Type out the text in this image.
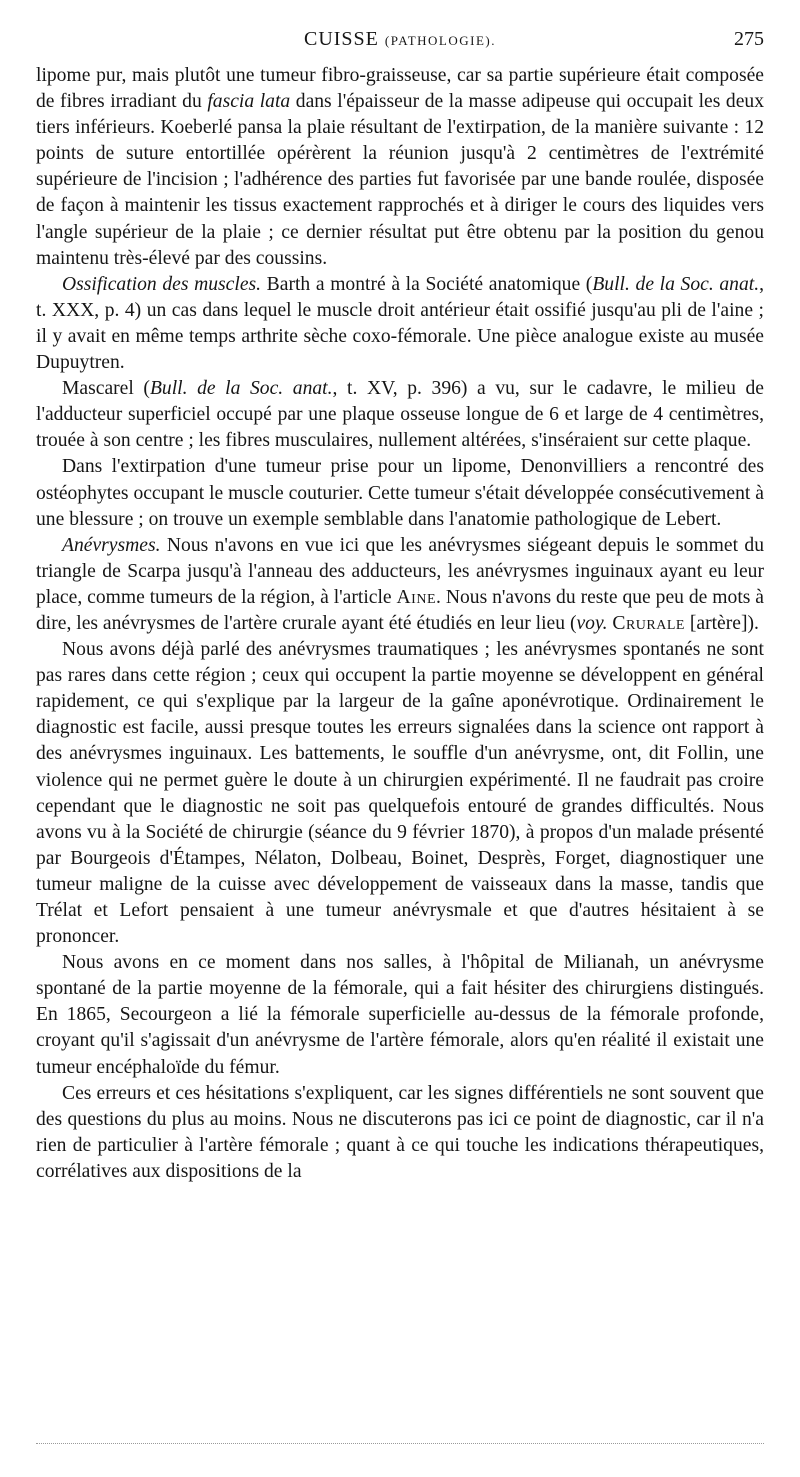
CUISSE (PATHOLOGIE).	275

lipome pur, mais plutôt une tumeur fibro-graisseuse, car sa partie supérieure était composée de fibres irradiant du fascia lata dans l'épaisseur de la masse adipeuse qui occupait les deux tiers inférieurs. Koeberlé pansa la plaie résultant de l'extirpation, de la manière suivante : 12 points de suture entortillée opérèrent la réunion jusqu'à 2 centimètres de l'extrémité supérieure de l'incision ; l'adhérence des parties fut favorisée par une bande roulée, disposée de façon à maintenir les tissus exactement rapprochés et à diriger le cours des liquides vers l'angle supérieur de la plaie ; ce dernier résultat put être obtenu par la position du genou maintenu très-élevé par des coussins.

Ossification des muscles. Barth a montré à la Société anatomique (Bull. de la Soc. anat., t. XXX, p. 4) un cas dans lequel le muscle droit antérieur était ossifié jusqu'au pli de l'aine ; il y avait en même temps arthrite sèche coxo-fémorale. Une pièce analogue existe au musée Dupuytren.

Mascarel (Bull. de la Soc. anat., t. XV, p. 396) a vu, sur le cadavre, le milieu de l'adducteur superficiel occupé par une plaque osseuse longue de 6 et large de 4 centimètres, trouée à son centre ; les fibres musculaires, nullement altérées, s'inséraient sur cette plaque.

Dans l'extirpation d'une tumeur prise pour un lipome, Denonvilliers a rencontré des ostéophytes occupant le muscle couturier. Cette tumeur s'était développée consécutivement à une blessure ; on trouve un exemple semblable dans l'anatomie pathologique de Lebert.

Anévrysmes. Nous n'avons en vue ici que les anévrysmes siégeant depuis le sommet du triangle de Scarpa jusqu'à l'anneau des adducteurs, les anévrysmes inguinaux ayant eu leur place, comme tumeurs de la région, à l'article Aine. Nous n'avons du reste que peu de mots à dire, les anévrysmes de l'artère crurale ayant été étudiés en leur lieu (voy. Crurale [artère]).

Nous avons déjà parlé des anévrysmes traumatiques ; les anévrysmes spontanés ne sont pas rares dans cette région ; ceux qui occupent la partie moyenne se développent en général rapidement, ce qui s'explique par la largeur de la gaîne aponévrotique. Ordinairement le diagnostic est facile, aussi presque toutes les erreurs signalées dans la science ont rapport à des anévrysmes inguinaux. Les battements, le souffle d'un anévrysme, ont, dit Follin, une violence qui ne permet guère le doute à un chirurgien expérimenté. Il ne faudrait pas croire cependant que le diagnostic ne soit pas quelquefois entouré de grandes difficultés. Nous avons vu à la Société de chirurgie (séance du 9 février 1870), à propos d'un malade présenté par Bourgeois d'Étampes, Nélaton, Dolbeau, Boinet, Desprès, Forget, diagnostiquer une tumeur maligne de la cuisse avec développement de vaisseaux dans la masse, tandis que Trélat et Lefort pensaient à une tumeur anévrysmale et que d'autres hésitaient à se prononcer.

Nous avons en ce moment dans nos salles, à l'hôpital de Milianah, un anévrysme spontané de la partie moyenne de la fémorale, qui a fait hésiter des chirurgiens distingués. En 1865, Secourgeon a lié la fémorale superficielle au-dessus de la fémorale profonde, croyant qu'il s'agissait d'un anévrysme de l'artère fémorale, alors qu'en réalité il existait une tumeur encéphaloïde du fémur.

Ces erreurs et ces hésitations s'expliquent, car les signes différentiels ne sont souvent que des questions du plus au moins. Nous ne discuterons pas ici ce point de diagnostic, car il n'a rien de particulier à l'artère fémorale ; quant à ce qui touche les indications thérapeutiques, corrélatives aux dispositions de la
